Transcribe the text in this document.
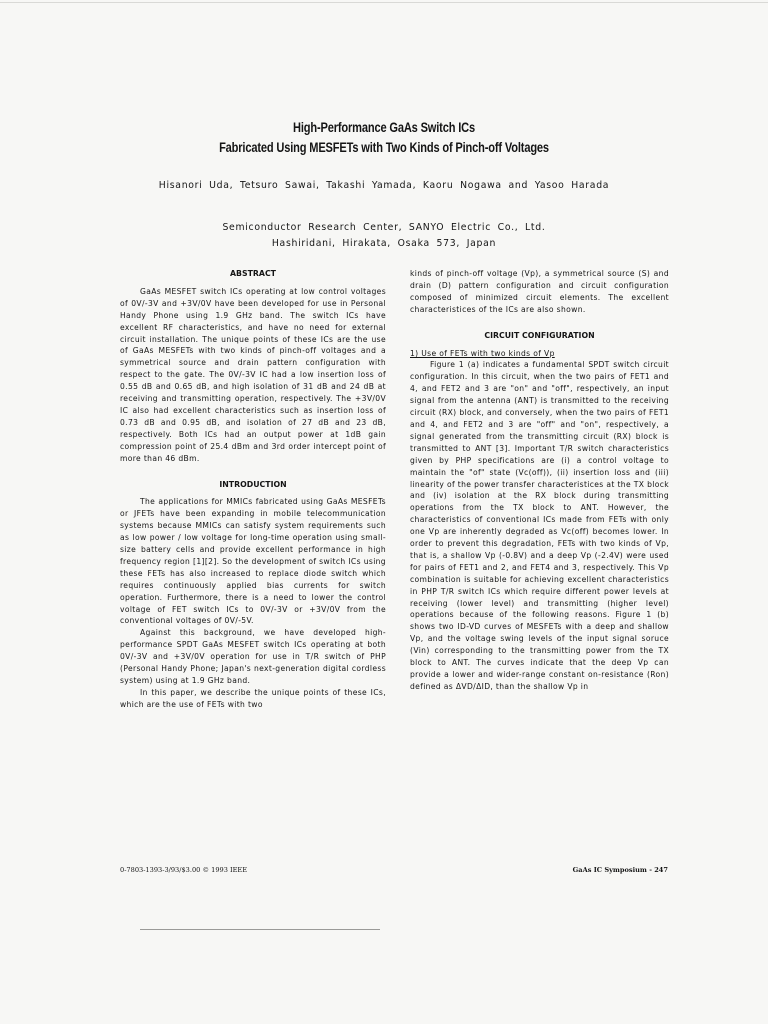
High-Performance GaAs Switch ICs
Fabricated Using MESFETs with Two Kinds of Pinch-off Voltages
Hisanori Uda, Tetsuro Sawai, Takashi Yamada, Kaoru Nogawa and Yasoo Harada
Semiconductor Research Center, SANYO Electric Co., Ltd.
Hashiridani, Hirakata, Osaka 573, Japan
ABSTRACT

GaAs MESFET switch ICs operating at low control voltages of 0V/-3V and +3V/0V have been developed for use in Personal Handy Phone using 1.9 GHz band. The switch ICs have excellent RF characteristics, and have no need for external circuit installation. The unique points of these ICs are the use of GaAs MESFETs with two kinds of pinch-off voltages and a symmetrical source and drain pattern configuration with respect to the gate. The 0V/-3V IC had a low insertion loss of 0.55 dB and 0.65 dB, and high isolation of 31 dB and 24 dB at receiving and transmitting operation, respectively. The +3V/0V IC also had excellent characteristics such as insertion loss of 0.73 dB and 0.95 dB, and isolation of 27 dB and 23 dB, respectively. Both ICs had an output power at 1dB gain compression point of 25.4 dBm and 3rd order intercept point of more than 46 dBm.

INTRODUCTION

The applications for MMICs fabricated using GaAs MESFETs or JFETs have been expanding in mobile telecommunication systems because MMICs can satisfy system requirements such as low power / low voltage for long-time operation using small-size battery cells and provide excellent performance in high frequency region [1][2]. So the development of switch ICs using these FETs has also increased to replace diode switch which requires continuously applied bias currents for switch operation. Furthermore, there is a need to lower the control voltage of FET switch ICs to 0V/-3V or +3V/0V from the conventional voltages of 0V/-5V.

Against this background, we have developed high-performance SPDT GaAs MESFET switch ICs operating at both 0V/-3V and +3V/0V operation for use in T/R switch of PHP (Personal Handy Phone; Japan's next-generation digital cordless system) using at 1.9 GHz band.

In this paper, we describe the unique points of these ICs, which are the use of FETs with two

kinds of pinch-off voltage (Vp), a symmetrical source (S) and drain (D) pattern configuration and circuit configuration composed of minimized circuit elements. The excellent characteristices of the ICs are also shown.

CIRCUIT CONFIGURATION
1) Use of FETs with two kinds of Vp

Figure 1 (a) indicates a fundamental SPDT switch circuit configuration. In this circuit, when the two pairs of FET1 and 4, and FET2 and 3 are "on" and "off", respectively, an input signal from the antenna (ANT) is transmitted to the receiving circuit (RX) block, and conversely, when the two pairs of FET1 and 4, and FET2 and 3 are "off" and "on", respectively, a signal generated from the transmitting circuit (RX) block is transmitted to ANT [3]. Important T/R switch characteristics given by PHP specifications are (i) a control voltage to maintain the "of" state (Vc(off)), (ii) insertion loss and (iii) linearity of the power transfer characteristices at the TX block and (iv) isolation at the RX block during transmitting operations from the TX block to ANT. However, the characteristics of conventional ICs made from FETs with only one Vp are inherently degraded as Vc(off) becomes lower. In order to prevent this degradation, FETs with two kinds of Vp, that is, a shallow Vp (-0.8V) and a deep Vp (-2.4V) were used for pairs of FET1 and 2, and FET4 and 3, respectively. This Vp combination is suitable for achieving excellent characteristics in PHP T/R switch ICs which require different power levels at receiving (lower level) and transmitting (higher level) operations because of the following reasons. Figure 1 (b) shows two ID-VD curves of MESFETs with a deep and shallow Vp, and the voltage swing levels of the input signal soruce (Vin) corresponding to the transmitting power from the TX block to ANT. The curves indicate that the deep Vp can provide a lower and wider-range constant on-resistance (Ron) defined as ΔVD/ΔID, than the shallow Vp in

0-7803-1393-3/93/$3.00 © 1993 IEEE	GaAs IC Symposium - 247
